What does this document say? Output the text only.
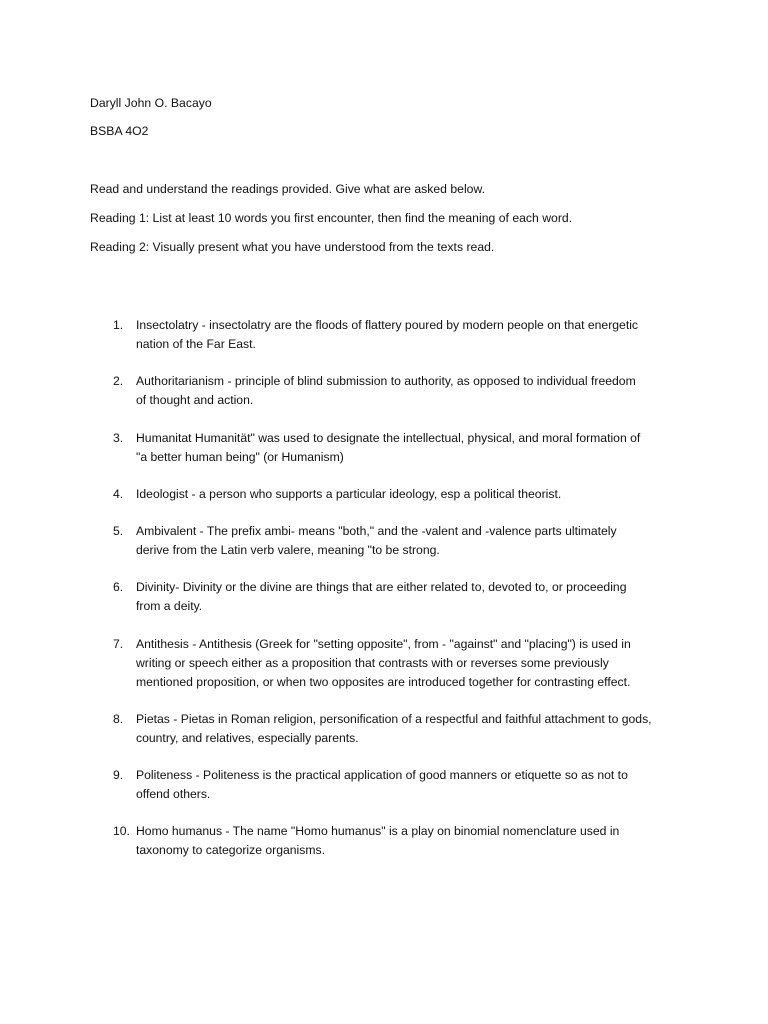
Daryll John O. Bacayo
BSBA 4O2
Read and understand the readings provided. Give what are asked below.
Reading 1: List at least 10 words you first encounter, then find the meaning of each word.
Reading 2: Visually present what you have understood from the texts read.
1.	Insectolatry - insectolatry are the floods of flattery poured by modern people on that energetic
nation of the Far East.
2.	Authoritarianism - principle of blind submission to authority, as opposed to individual freedom
of thought and action.
3.	Humanitat Humanität" was used to designate the intellectual, physical, and moral formation of
"a better human being" (or Humanism)
4.	Ideologist - a person who supports a particular ideology, esp a political theorist.
5.	Ambivalent - The prefix ambi- means "both," and the -valent and -valence parts ultimately
derive from the Latin verb valere, meaning "to be strong.
6.	Divinity- Divinity or the divine are things that are either related to, devoted to, or proceeding
from a deity.
7.	Antithesis - Antithesis (Greek for "setting opposite", from - "against" and "placing") is used in
writing or speech either as a proposition that contrasts with or reverses some previously
mentioned proposition, or when two opposites are introduced together for contrasting effect.
8.	Pietas - Pietas in Roman religion, personification of a respectful and faithful attachment to gods,
country, and relatives, especially parents.
9.	Politeness - Politeness is the practical application of good manners or etiquette so as not to
offend others.
10. Homo humanus - The name "Homo humanus" is a play on binomial nomenclature used in
taxonomy to categorize organisms.
